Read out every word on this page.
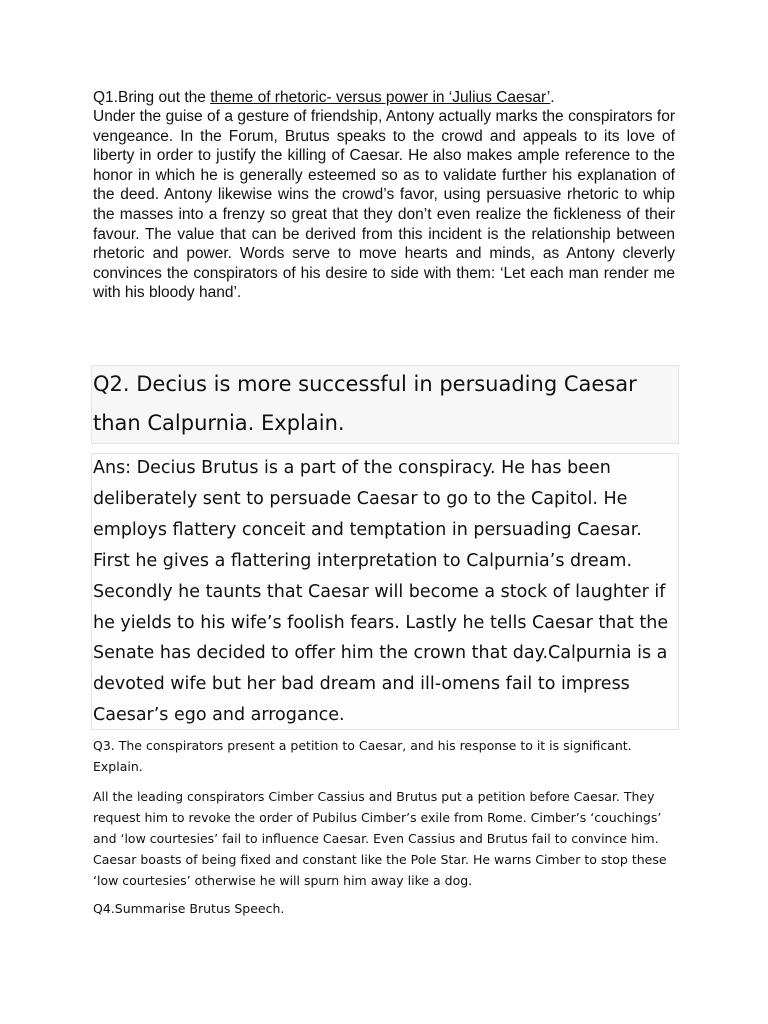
Q1.Bring out the theme of rhetoric- versus power in ‘Julius Caesar’.
Under the guise of a gesture of friendship, Antony actually marks the conspirators for vengeance. In the Forum, Brutus speaks to the crowd and appeals to its love of liberty in order to justify the killing of Caesar. He also makes ample reference to the honor in which he is generally esteemed so as to validate further his explanation of the deed. Antony likewise wins the crowd’s favor, using persuasive rhetoric to whip the masses into a frenzy so great that they don’t even realize the fickleness of their favour. The value that can be derived from this incident is the relationship between rhetoric and power. Words serve to move hearts and minds, as Antony cleverly convinces the conspirators of his desire to side with them: ‘Let each man render me with his bloody hand’.
Q2. Decius is more successful in persuading Caesar than Calpurnia. Explain.
Ans: Decius Brutus is a part of the conspiracy. He has been deliberately sent to persuade Caesar to go to the Capitol. He employs flattery conceit and temptation in persuading Caesar. First he gives a flattering interpretation to Calpurnia’s dream. Secondly he taunts that Caesar will become a stock of laughter if he yields to his wife’s foolish fears. Lastly he tells Caesar that the Senate has decided to offer him the crown that day.Calpurnia is a devoted wife but her bad dream and ill-omens fail to impress Caesar’s ego and arrogance.
Q3. The conspirators present a petition to Caesar, and his response to it is significant. Explain.
All the leading conspirators Cimber Cassius and Brutus put a petition before Caesar. They request him to revoke the order of Pubilus Cimber’s exile from Rome. Cimber’s ‘couchings’ and ‘low courtesies’ fail to influence Caesar. Even Cassius and Brutus fail to convince him. Caesar boasts of being fixed and constant like the Pole Star. He warns Cimber to stop these ‘low courtesies’ otherwise he will spurn him away like a dog.
Q4.Summarise Brutus Speech.
